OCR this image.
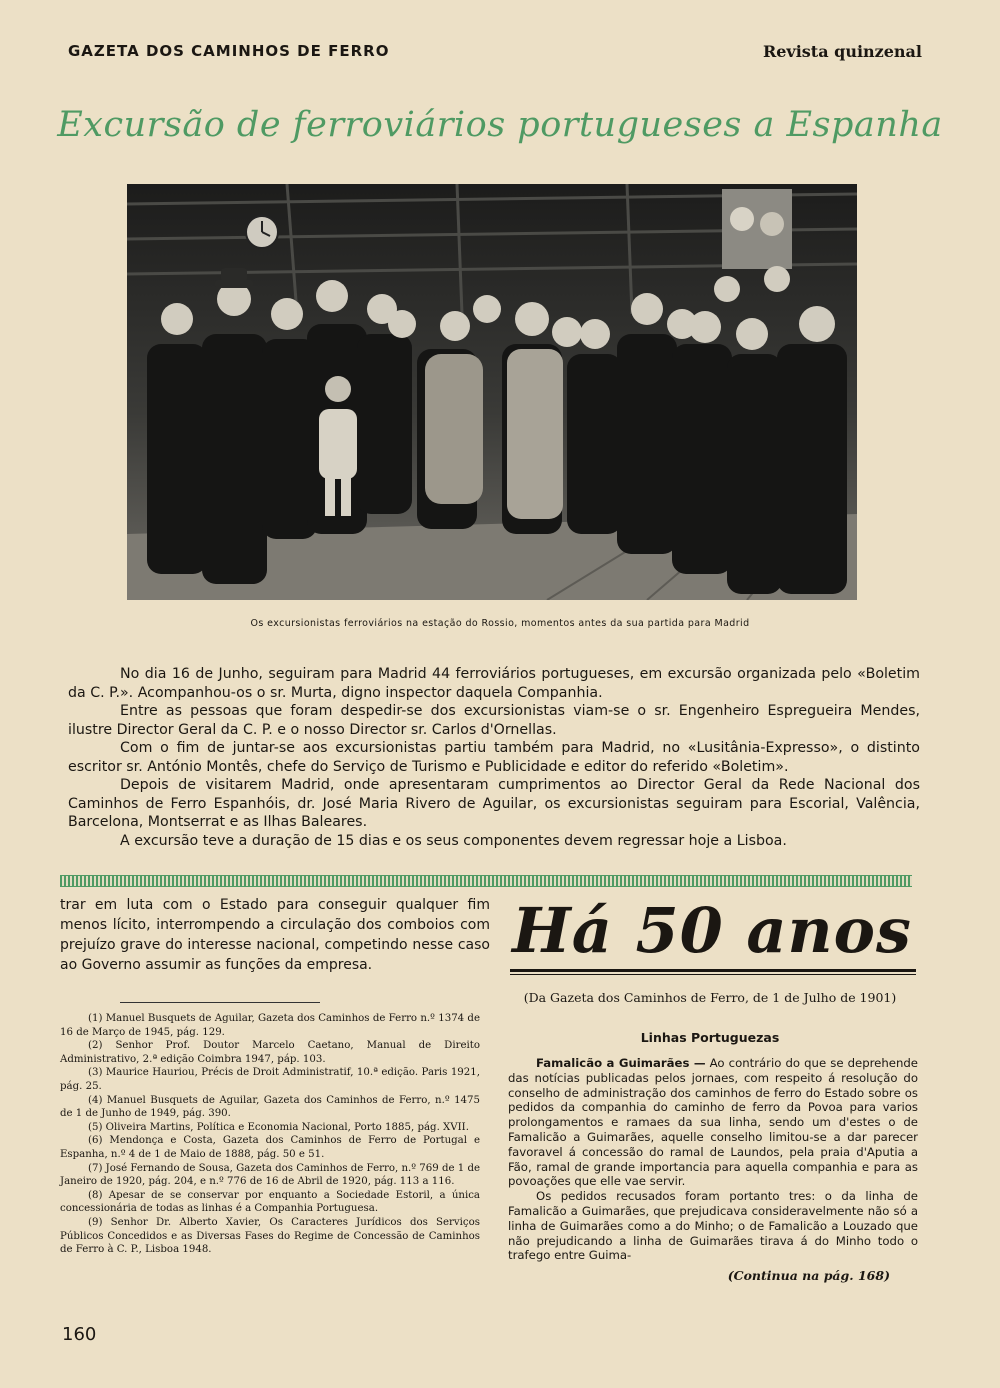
GAZETA DOS CAMINHOS DE FERRO	Revista quinzenal
Excursão de ferroviários portugueses a Espanha
Os excursionistas ferroviários na estação do Rossio, momentos antes da sua partida para Madrid

No dia 16 de Junho, seguiram para Madrid 44 ferroviários portugueses, em excursão organizada pelo «Boletim da C. P.». Acompanhou-os o sr. Murta, digno inspector daquela Companhia.

Entre as pessoas que foram despedir-se dos excursionistas viam-se o sr. Engenheiro Espregueira Mendes, ilustre Director Geral da C. P. e o nosso Director sr. Carlos d'Ornellas.

Com o fim de juntar-se aos excursionistas partiu também para Madrid, no «Lusitânia-Expresso», o distinto escritor sr. António Montês, chefe do Serviço de Turismo e Publicidade e editor do referido «Boletim».

Depois de visitarem Madrid, onde apresentaram cumprimentos ao Director Geral da Rede Nacional dos Caminhos de Ferro Espanhóis, dr. José Maria Rivero de Aguilar, os excursionistas seguiram para Escorial, Valência, Barcelona, Montserrat e as Ilhas Baleares.

A excursão teve a duração de 15 dias e os seus componentes devem regressar hoje a Lisboa.

trar em luta com o Estado para conseguir qualquer fim menos lícito, interrompendo a circulação dos comboios com prejuízo grave do interesse nacional, competindo nesse caso ao Governo assumir as funções da empresa.

(1) Manuel Busquets de Aguilar, Gazeta dos Caminhos de Ferro n.º 1374 de 16 de Março de 1945, pág. 129.

(2) Senhor Prof. Doutor Marcelo Caetano, Manual de Direito Administrativo, 2.ª edição Coimbra 1947, páp. 103.

(3) Maurice Hauriou, Précis de Droit Administratif, 10.ª edição. Paris 1921, pág. 25.

(4) Manuel Busquets de Aguilar, Gazeta dos Caminhos de Ferro, n.º 1475 de 1 de Junho de 1949, pág. 390.

(5) Oliveira Martins, Política e Economia Nacional, Porto 1885, pág. XVII.

(6) Mendonça e Costa, Gazeta dos Caminhos de Ferro de Portugal e Espanha, n.º 4 de 1 de Maio de 1888, pág. 50 e 51.

(7) José Fernando de Sousa, Gazeta dos Caminhos de Ferro, n.º 769 de 1 de Janeiro de 1920, pág. 204, e n.º 776 de 16 de Abril de 1920, pág. 113 a 116.

(8) Apesar de se conservar por enquanto a Sociedade Estoril, a única concessionária de todas as linhas é a Companhia Portuguesa.

(9) Senhor Dr. Alberto Xavier, Os Caracteres Jurídicos dos Serviços Públicos Concedidos e as Diversas Fases do Regime de Concessão de Caminhos de Ferro à C. P., Lisboa 1948.

Há 50 anos
(Da Gazeta dos Caminhos de Ferro, de 1 de Julho de 1901)
Linhas Portuguezas

Famalicão a Guimarães — Ao contrário do que se deprehende das notícias publicadas pelos jornaes, com respeito á resolução do conselho de administração dos caminhos de ferro do Estado sobre os pedidos da companhia do caminho de ferro da Povoa para varios prolongamentos e ramaes da sua linha, sendo um d'estes o de Famalicão a Guimarães, aquelle conselho limitou-se a dar parecer favoravel á concessão do ramal de Laundos, pela praia d'Aputia a Fão, ramal de grande importancia para aquella companhia e para as povoações que elle vae servir.

Os pedidos recusados foram portanto tres: o da linha de Famalicão a Guimarães, que prejudicava consideravelmente não só a linha de Guimarães como a do Minho; o de Famalicão a Louzado que não prejudicando a linha de Guimarães tirava á do Minho todo o trafego entre Guima-

(Continua na pág. 168)
160
